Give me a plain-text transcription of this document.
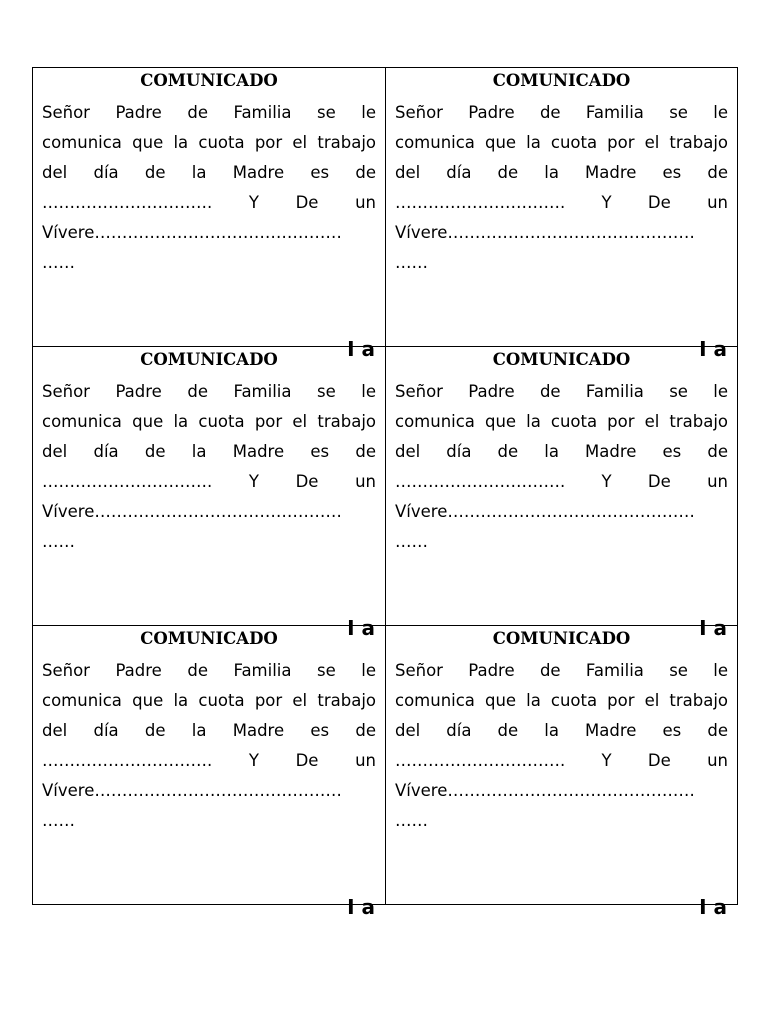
COMUNICADO
Señor Padre de Familia se le
comunica que la cuota por el trabajo
del día de la Madre es de
…………………………. Y De un
Vívere………………………………………
……
I a
COMUNICADO
Señor Padre de Familia se le
comunica que la cuota por el trabajo
del día de la Madre es de
…………………………. Y De un
Vívere………………………………………
……
I a
COMUNICADO
Señor Padre de Familia se le
comunica que la cuota por el trabajo
del día de la Madre es de
…………………………. Y De un
Vívere………………………………………
……
I a
COMUNICADO
Señor Padre de Familia se le
comunica que la cuota por el trabajo
del día de la Madre es de
…………………………. Y De un
Vívere………………………………………
……
I a
COMUNICADO
Señor Padre de Familia se le
comunica que la cuota por el trabajo
del día de la Madre es de
…………………………. Y De un
Vívere………………………………………
……
I a
COMUNICADO
Señor Padre de Familia se le
comunica que la cuota por el trabajo
del día de la Madre es de
…………………………. Y De un
Vívere………………………………………
……
I a
